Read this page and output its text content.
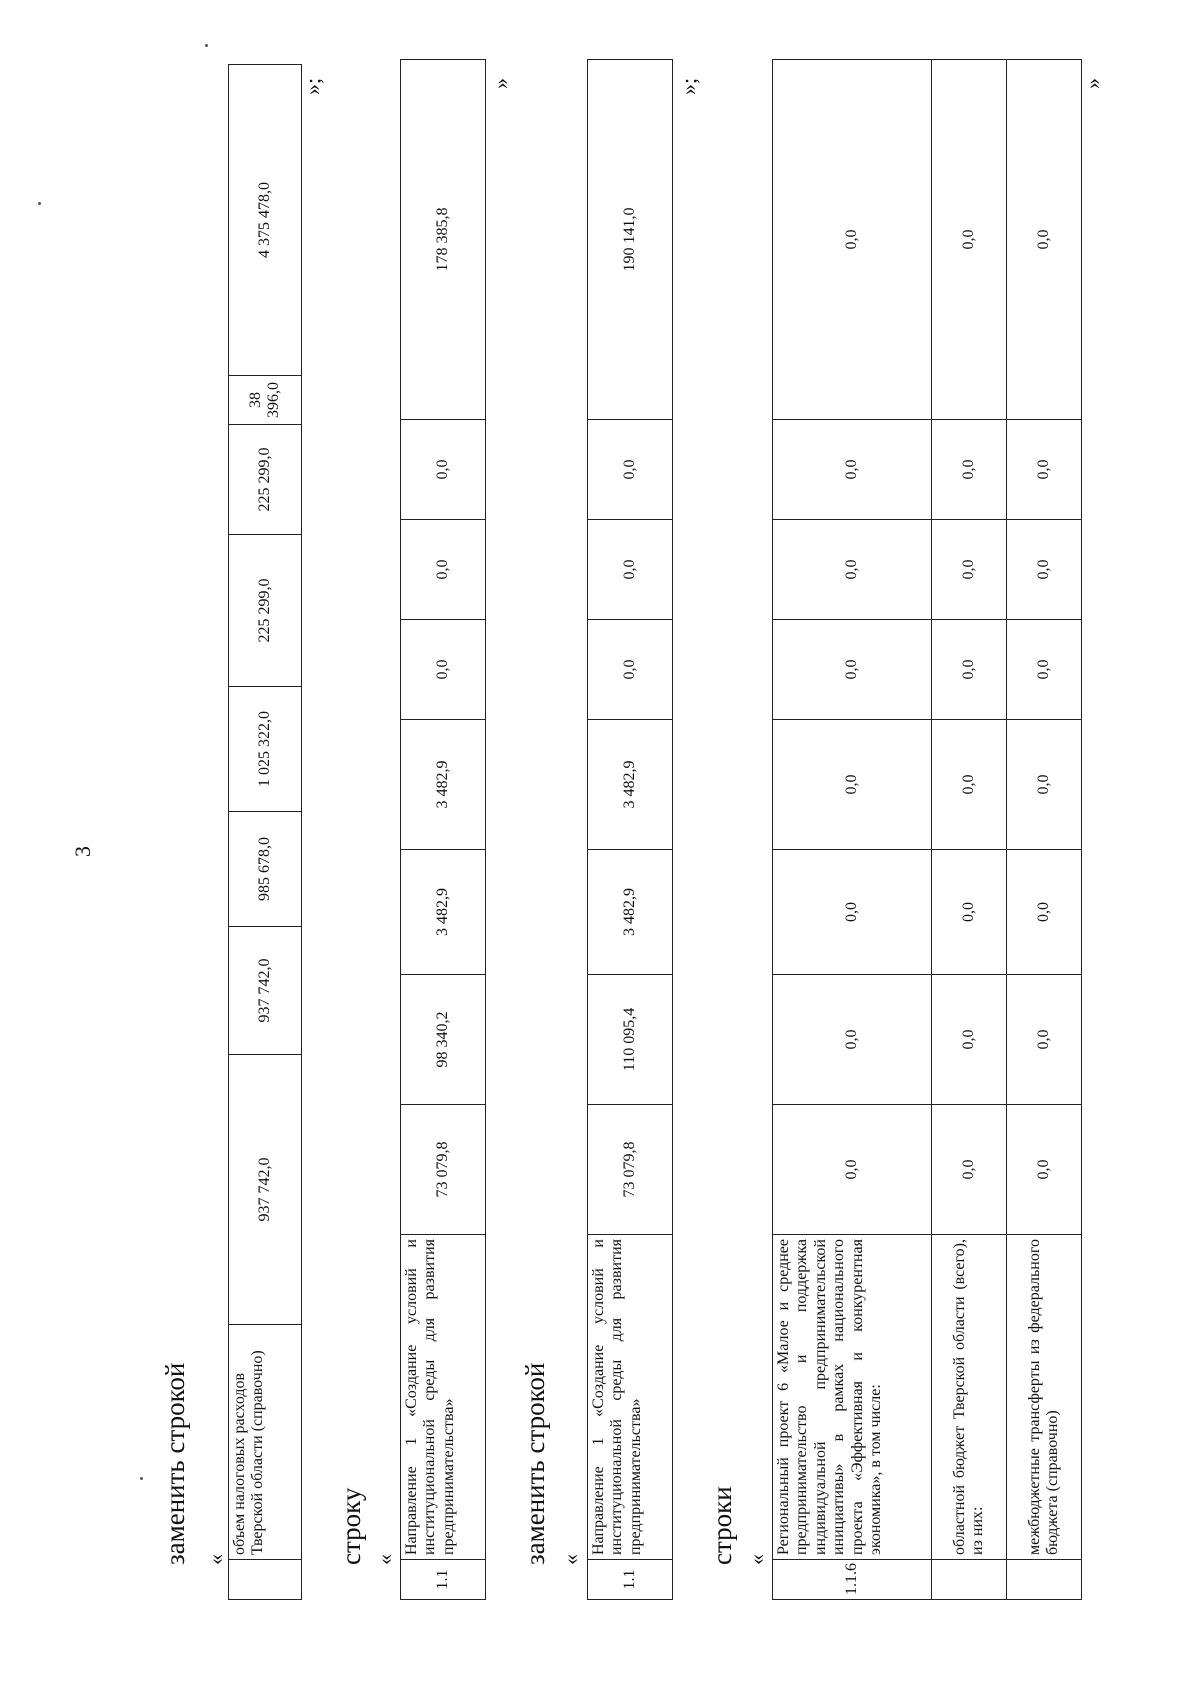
3
заменить строкой «
	объем налоговых расходов Тверской области (справочно)	937 742,0	937 742,0	985 678,0	1 025 322,0	225 299,0	225 299,0	38 396,0	4 375 478,0
»;
строку «
1.1	Направление 1 «Создание условий и институциональной среды для развития предпринимательства»	73 079,8	98 340,2	3 482,9	3 482,9	0,0	0,0	0,0	178 385,8
»
заменить строкой «
1.1	Направление 1 «Создание условий и институциональной среды для развития предпринимательства»	73 079,8	110 095,4	3 482,9	3 482,9	0,0	0,0	0,0	190 141,0
»;
строки «
1.1.6	Региональный проект 6 «Малое и среднее предпринимательство и поддержка индивидуальной предпринимательской инициативы» в рамках национального проекта «Эффективная и конкурентная экономика», в том числе:	0,0	0,0	0,0	0,0	0,0	0,0	0,0	0,0
	областной бюджет Тверской области (всего), из них:	0,0	0,0	0,0	0,0	0,0	0,0	0,0	0,0
	межбюджетные трансферты из федерального бюджета (справочно)	0,0	0,0	0,0	0,0	0,0	0,0	0,0	0,0
»
